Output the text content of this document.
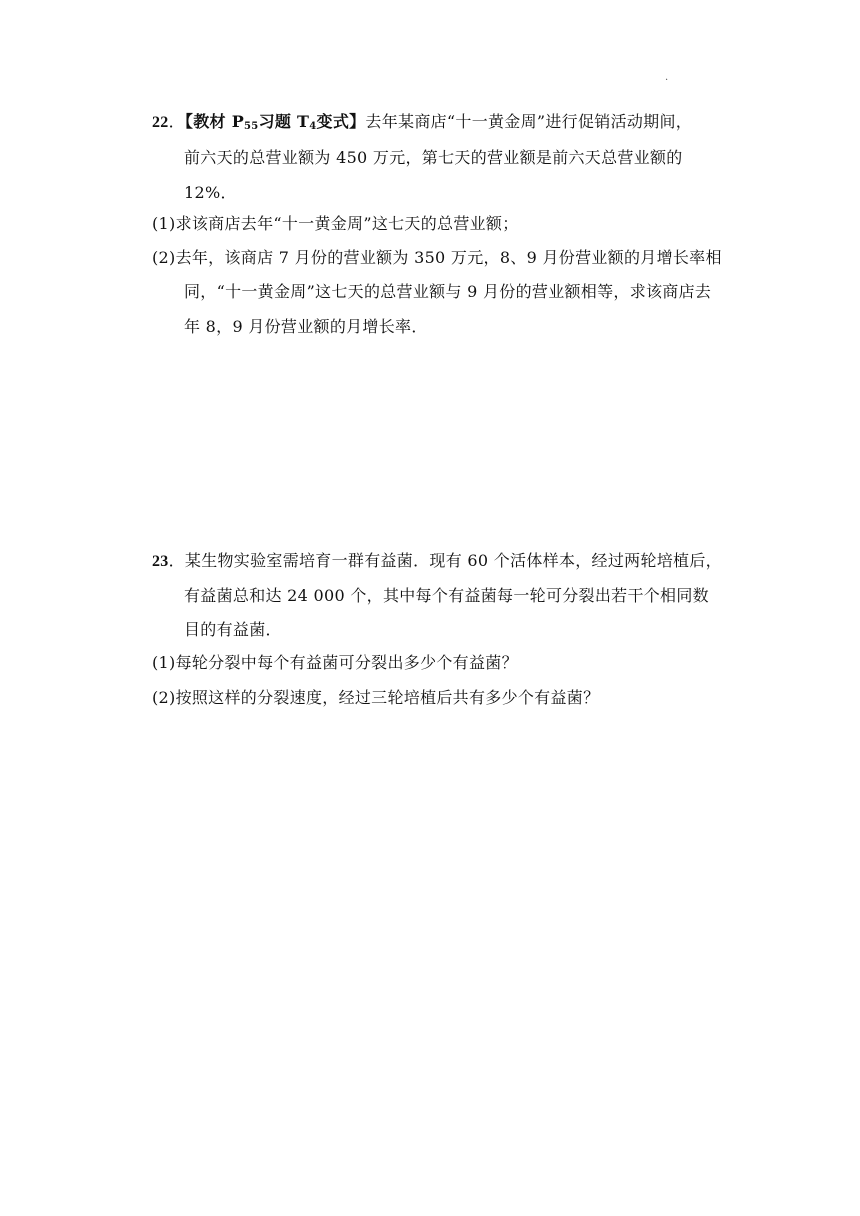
.
22．【教材 $P_{55}$习题 $T_4$变式】去年某商店“十一黄金周”进行促销活动期间，
前六天的总营业额为 450 万元，第七天的营业额是前六天总营业额的
12%．
(1)求该商店去年“十一黄金周”这七天的总营业额；
(2)去年，该商店 7 月份的营业额为 350 万元，8、9 月份营业额的月增长率相
同，“十一黄金周”这七天的总营业额与 9 月份的营业额相等，求该商店去
年 8，9 月份营业额的月增长率．
23．某生物实验室需培育一群有益菌．现有 60 个活体样本，经过两轮培植后，
有益菌总和达 24 000 个，其中每个有益菌每一轮可分裂出若干个相同数
目的有益菌．
(1)每轮分裂中每个有益菌可分裂出多少个有益菌？
(2)按照这样的分裂速度，经过三轮培植后共有多少个有益菌？
